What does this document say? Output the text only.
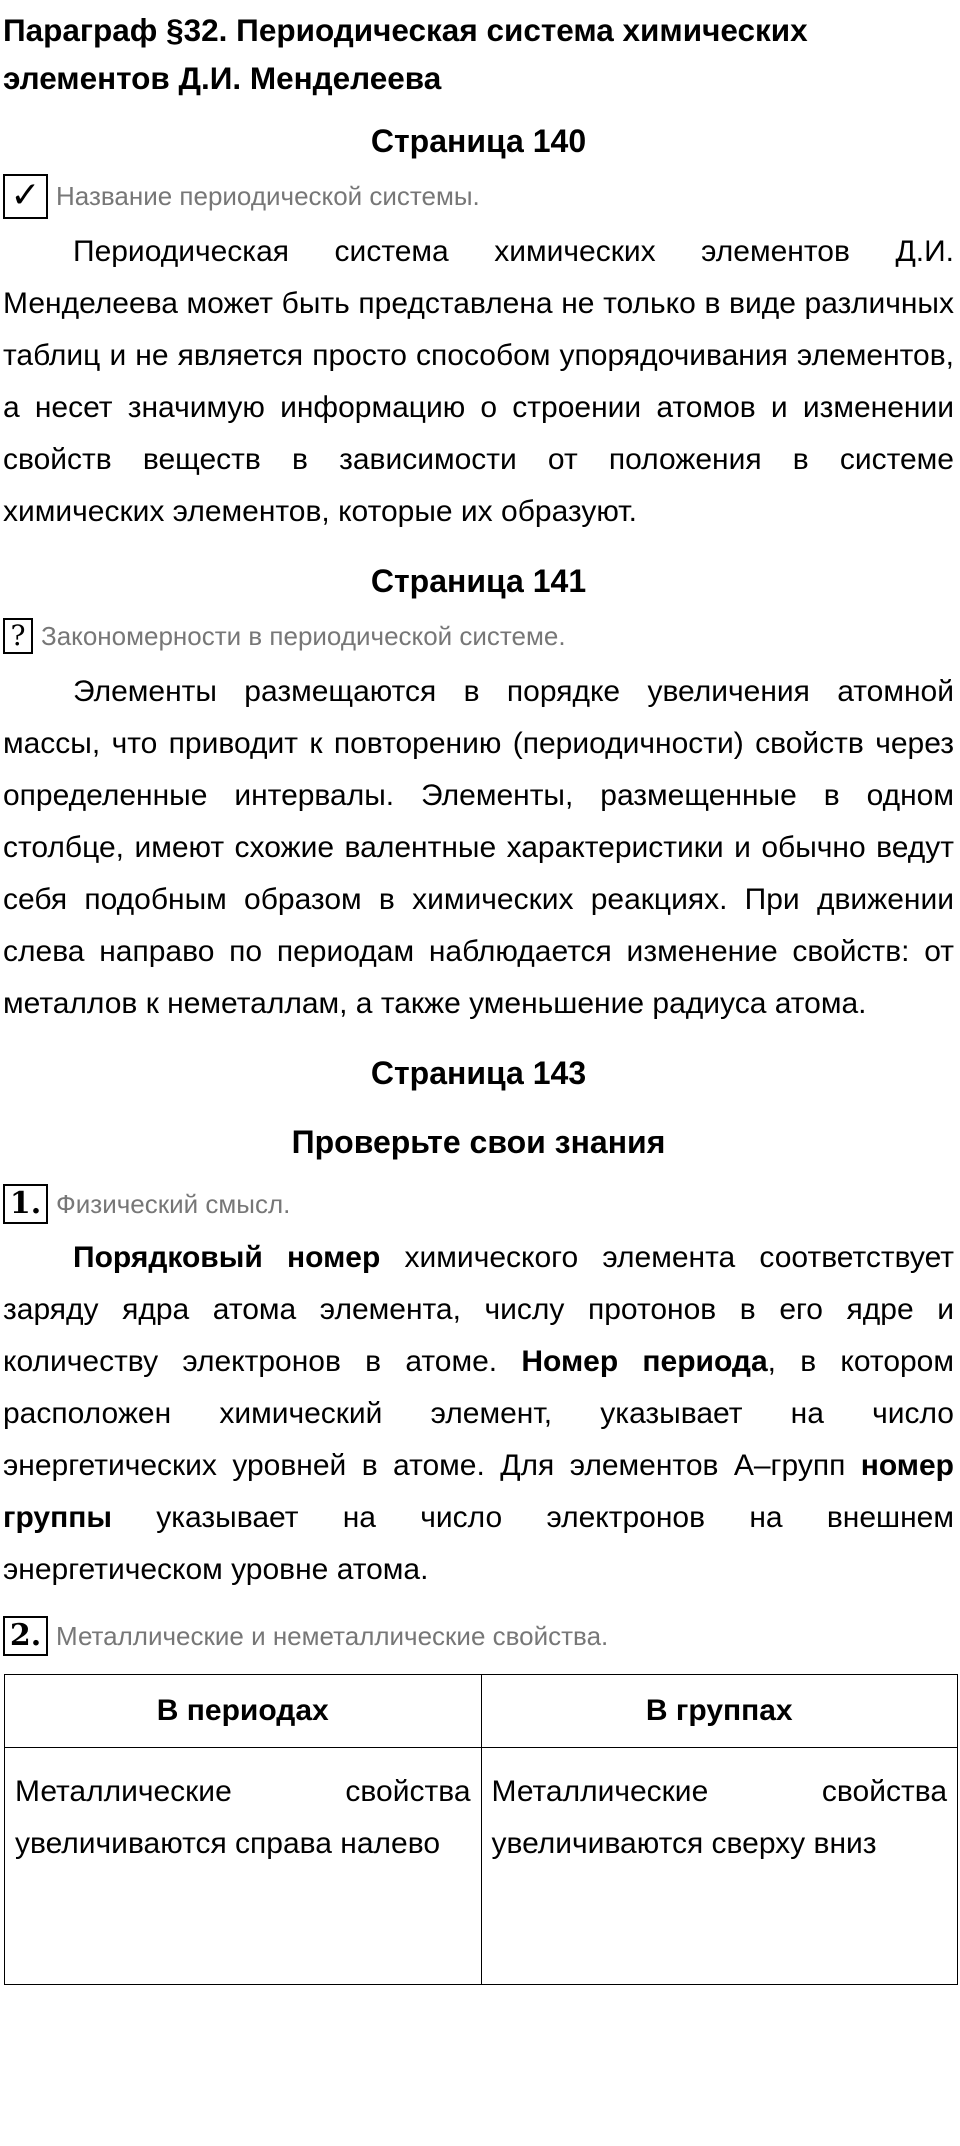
Параграф §32. Периодическая система химических элементов Д.И. Менделеева
Страница 140
✓ Название периодической системы.

Периодическая система химических элементов Д.И. Менделеева может быть представлена не только в виде различных таблиц и не является просто способом упорядочивания элементов, а несет значимую информацию о строении атомов и изменении свойств веществ в зависимости от положения в системе химических элементов, которые их образуют.

Страница 141
? Закономерности в периодической системе.

Элементы размещаются в порядке увеличения атомной массы, что приводит к повторению (периодичности) свойств через определенные интервалы. Элементы, размещенные в одном столбце, имеют схожие валентные характеристики и обычно ведут себя подобным образом в химических реакциях. При движении слева направо по периодам наблюдается изменение свойств: от металлов к неметаллам, а также уменьшение радиуса атома.

Страница 143
Проверьте свои знания
1. Физический смысл.

Порядковый номер химического элемента соответствует заряду ядра атома элемента, числу протонов в его ядре и количеству электронов в атоме. Номер периода, в котором расположен химический элемент, указывает на число энергетических уровней в атоме. Для элементов А–групп номер группы указывает на число электронов на внешнем энергетическом уровне атома.

2. Металлические и неметаллические свойства.
В периодах	В группах
Металлические свойства увеличиваются справа налево	Металлические свойства увеличиваются сверху вниз
